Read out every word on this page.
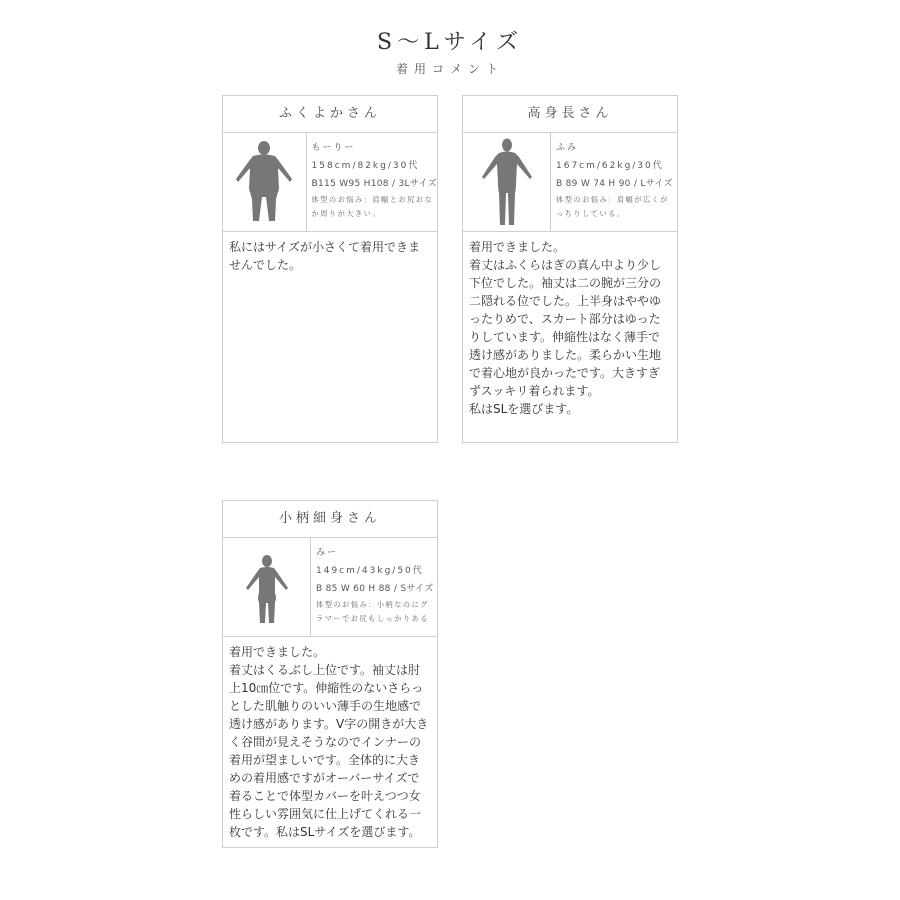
S～Lサイズ
着用コメント
ふくよかさん
もーりー
158cm/82kg/30代
B115 W95 H108 / 3Lサイズ
体型のお悩み：肩幅とお尻おなか周りが大きい。
私にはサイズが小さくて着用できませんでした。
高身長さん
ふみ
167cm/62kg/30代
B 89 W 74 H 90 / Lサイズ
体型のお悩み：肩幅が広くがっちりしている。
着用できました。
着丈はふくらはぎの真ん中より少し下位でした。袖丈は二の腕が三分の二隠れる位でした。上半身はややゆったりめで、スカート部分はゆったりしています。伸縮性はなく薄手で透け感がありました。柔らかい生地で着心地が良かったです。大きすぎずスッキリ着られます。
私はSLを選びます。
小柄細身さん
みー
149cm/43kg/50代
B 85 W 60 H 88 / Sサイズ
体型のお悩み：小柄なのにグラマーでお尻もしっかりある
着用できました。
着丈はくるぶし上位です。袖丈は肘上10㎝位です。伸縮性のないさらっとした肌触りのいい薄手の生地感で透け感があります。V字の開きが大きく谷間が見えそうなのでインナーの着用が望ましいです。全体的に大きめの着用感ですがオーバーサイズで着ることで体型カバーを叶えつつ女性らしい雰囲気に仕上げてくれる一枚です。私はSLサイズを選びます。
